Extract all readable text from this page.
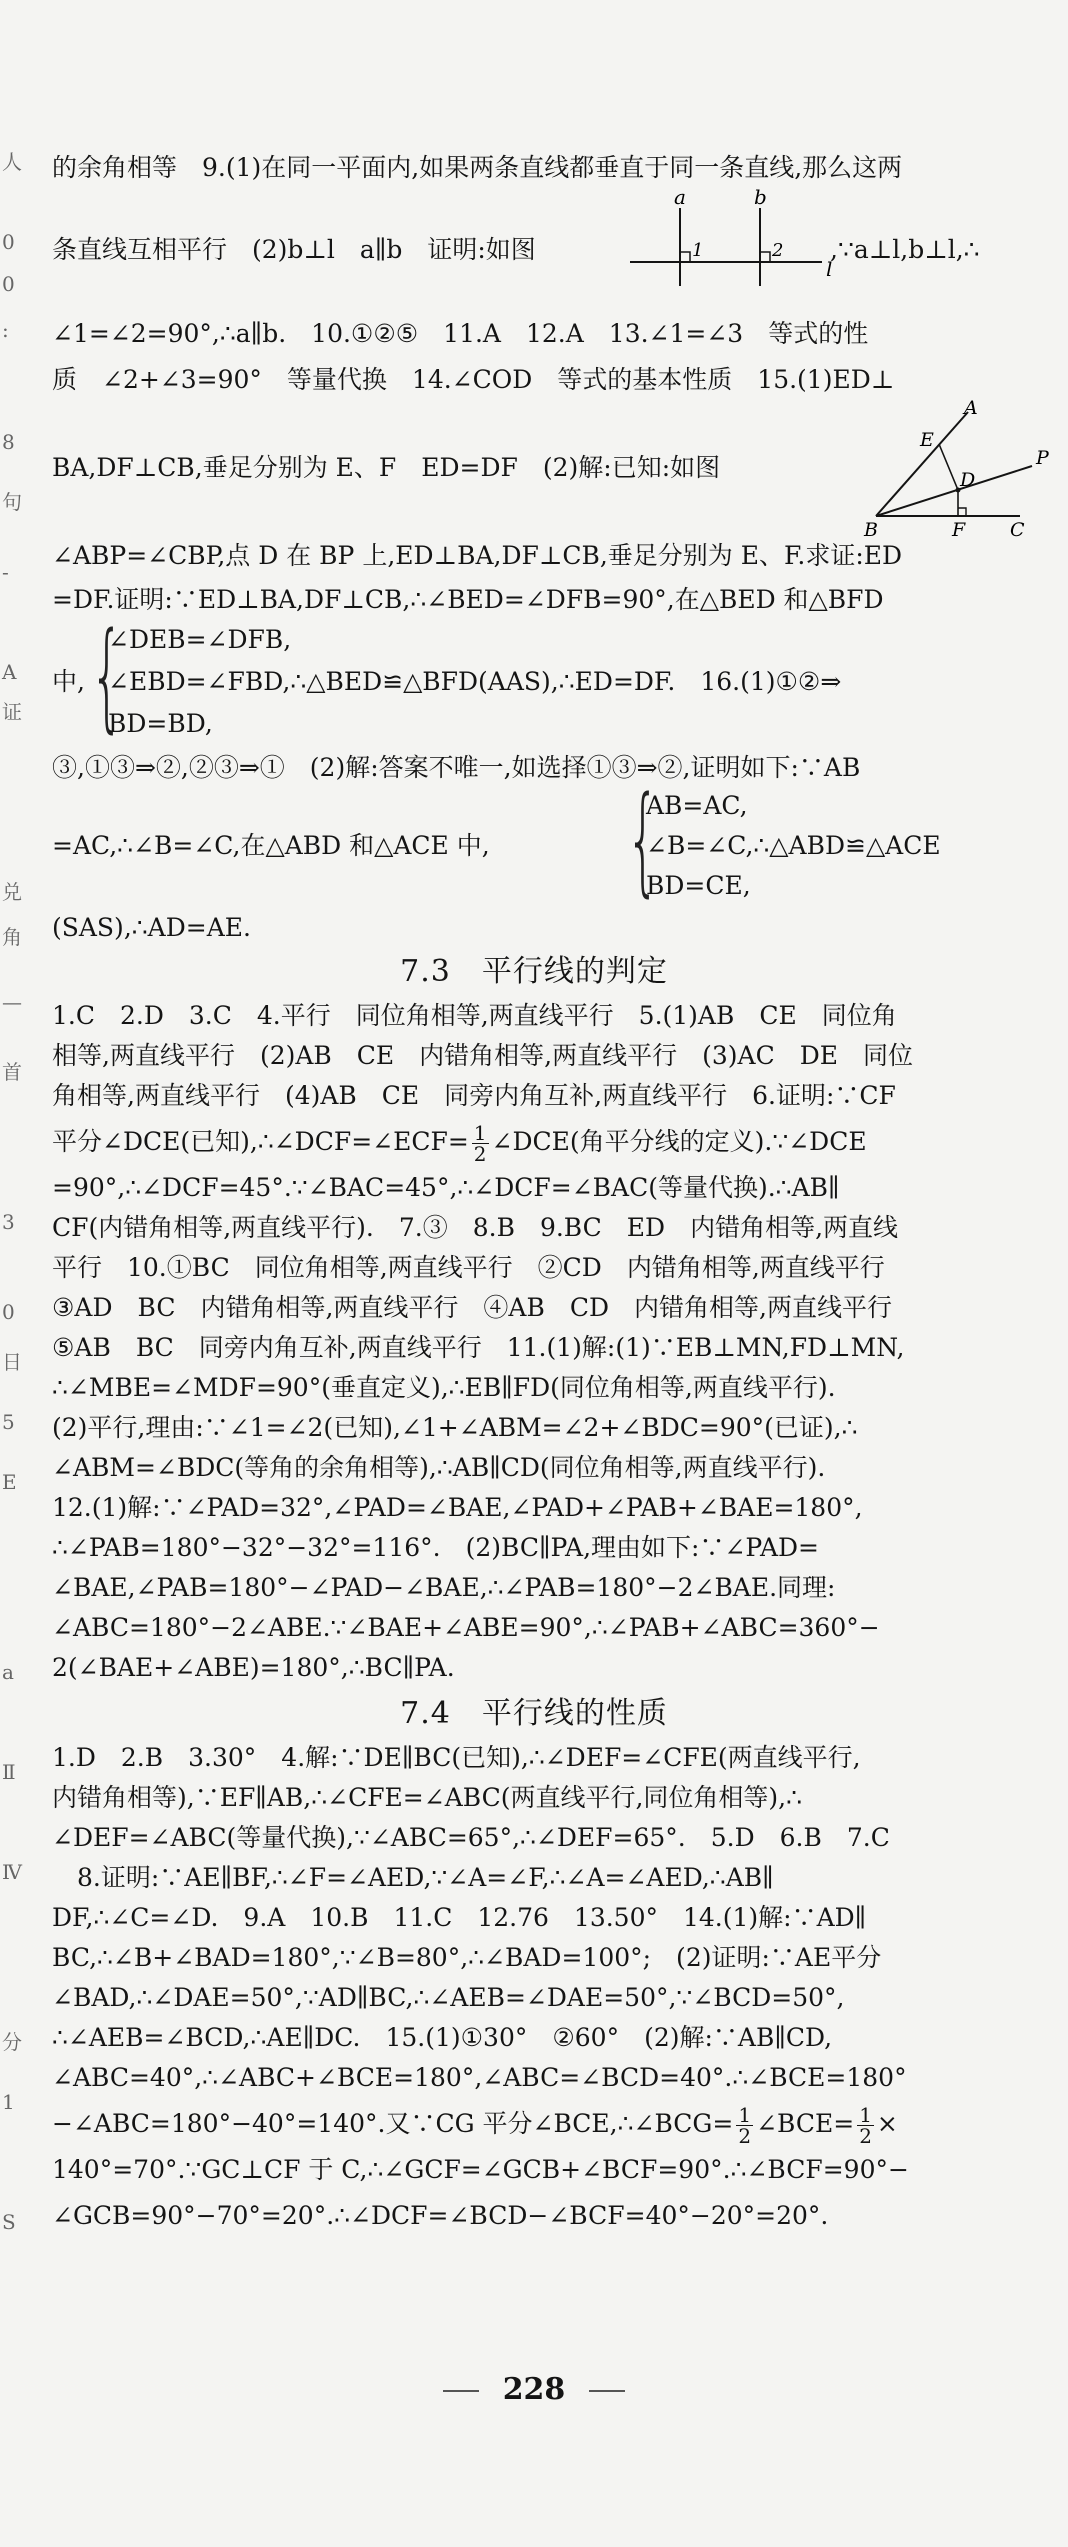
人

0

0

:

8

句

-

A

证

兑

角

—

首

3

0

日

5

E

a

Ⅱ

Ⅳ

分

1

S

的余角相等　9.(1)在同一平面内,如果两条直线都垂直于同一条直线,那么这两

条直线互相平行　(2)b⊥l　a∥b　证明:如图

a	b
1	2
l

,∵a⊥l,b⊥l,∴

∠1=∠2=90°,∴a∥b.　10.①②⑤　11.A　12.A　13.∠1=∠3　等式的性

质　∠2+∠3=90°　等量代换　14.∠COD　等式的基本性质　15.(1)ED⊥

BA,DF⊥CB,垂足分别为 E、F　ED=DF　(2)解:已知:如图

A
E
D
P
B	F C

∠ABP=∠CBP,点 D 在 BP 上,ED⊥BA,DF⊥CB,垂足分别为 E、F.求证:ED

=DF.证明:∵ED⊥BA,DF⊥CB,∴∠BED=∠DFB=90°,在△BED 和△BFD

中, {

∠DEB=∠DFB,

∠EBD=∠FBD,∴△BED≌△BFD(AAS),∴ED=DF.　16.(1)①②⇒

BD=BD,

③,①③⇒②,②③⇒①　(2)解:答案不唯一,如选择①③⇒②,证明如下:∵AB

=AC,∴∠B=∠C,在△ABD 和△ACE 中, {

AB=AC,

∠B=∠C,∴△ABD≌△ACE

BD=CE,

(SAS),∴AD=AE.

7.3　平行线的判定

1.C　2.D　3.C　4.平行　同位角相等,两直线平行　5.(1)AB　CE　同位角

相等,两直线平行　(2)AB　CE　内错角相等,两直线平行　(3)AC　DE　同位

角相等,两直线平行　(4)AB　CE　同旁内角互补,两直线平行　6.证明:∵CF

平分∠DCE(已知),∴∠DCF=∠ECF= $\frac{1}{2}$ ∠DCE(角平分线的定义).∵∠DCE

=90°,∴∠DCF=45°.∵∠BAC=45°,∴∠DCF=∠BAC(等量代换).∴AB∥

CF(内错角相等,两直线平行).　7.③　8.B　9.BC　ED　内错角相等,两直线

平行　10.①BC　同位角相等,两直线平行　②CD　内错角相等,两直线平行

③AD　BC　内错角相等,两直线平行　④AB　CD　内错角相等,两直线平行

⑤AB　BC　同旁内角互补,两直线平行　11.(1)解:(1)∵EB⊥MN,FD⊥MN,

∴∠MBE=∠MDF=90°(垂直定义),∴EB∥FD(同位角相等,两直线平行).

(2)平行,理由:∵∠1=∠2(已知),∠1+∠ABM=∠2+∠BDC=90°(已证),∴

∠ABM=∠BDC(等角的余角相等),∴AB∥CD(同位角相等,两直线平行).

12.(1)解:∵∠PAD=32°,∠PAD=∠BAE,∠PAD+∠PAB+∠BAE=180°,

∴∠PAB=180°−32°−32°=116°.　(2)BC∥PA,理由如下:∵∠PAD=

∠BAE,∠PAB=180°−∠PAD−∠BAE,∴∠PAB=180°−2∠BAE.同理:

∠ABC=180°−2∠ABE.∵∠BAE+∠ABE=90°,∴∠PAB+∠ABC=360°−

2(∠BAE+∠ABE)=180°,∴BC∥PA.

7.4　平行线的性质

1.D　2.B　3.30°　4.解:∵DE∥BC(已知),∴∠DEF=∠CFE(两直线平行,

内错角相等),∵EF∥AB,∴∠CFE=∠ABC(两直线平行,同位角相等),∴

∠DEF=∠ABC(等量代换),∵∠ABC=65°,∴∠DEF=65°.　5.D　6.B　7.C

　8.证明:∵AE∥BF,∴∠F=∠AED,∵∠A=∠F,∴∠A=∠AED,∴AB∥

DF,∴∠C=∠D.　9.A　10.B　11.C　12.76　13.50°　14.(1)解:∵AD∥

BC,∴∠B+∠BAD=180°,∵∠B=80°,∴∠BAD=100°;　(2)证明:∵AE平分

∠BAD,∴∠DAE=50°,∵AD∥BC,∴∠AEB=∠DAE=50°,∵∠BCD=50°,

∴∠AEB=∠BCD,∴AE∥DC.　15.(1)①30°　②60°　(2)解:∵AB∥CD,

∠ABC=40°,∴∠ABC+∠BCE=180°,∠ABC=∠BCD=40°.∴∠BCE=180°

−∠ABC=180°−40°=140°.又∵CG 平分∠BCE,∴∠BCG= $\frac{1}{2}$ ∠BCE= $\frac{1}{2}$ ×

140°=70°.∵GC⊥CF 于 C,∴∠GCF=∠GCB+∠BCF=90°.∴∠BCF=90°−

∠GCB=90°−70°=20°.∴∠DCF=∠BCD−∠BCF=40°−20°=20°.

228
